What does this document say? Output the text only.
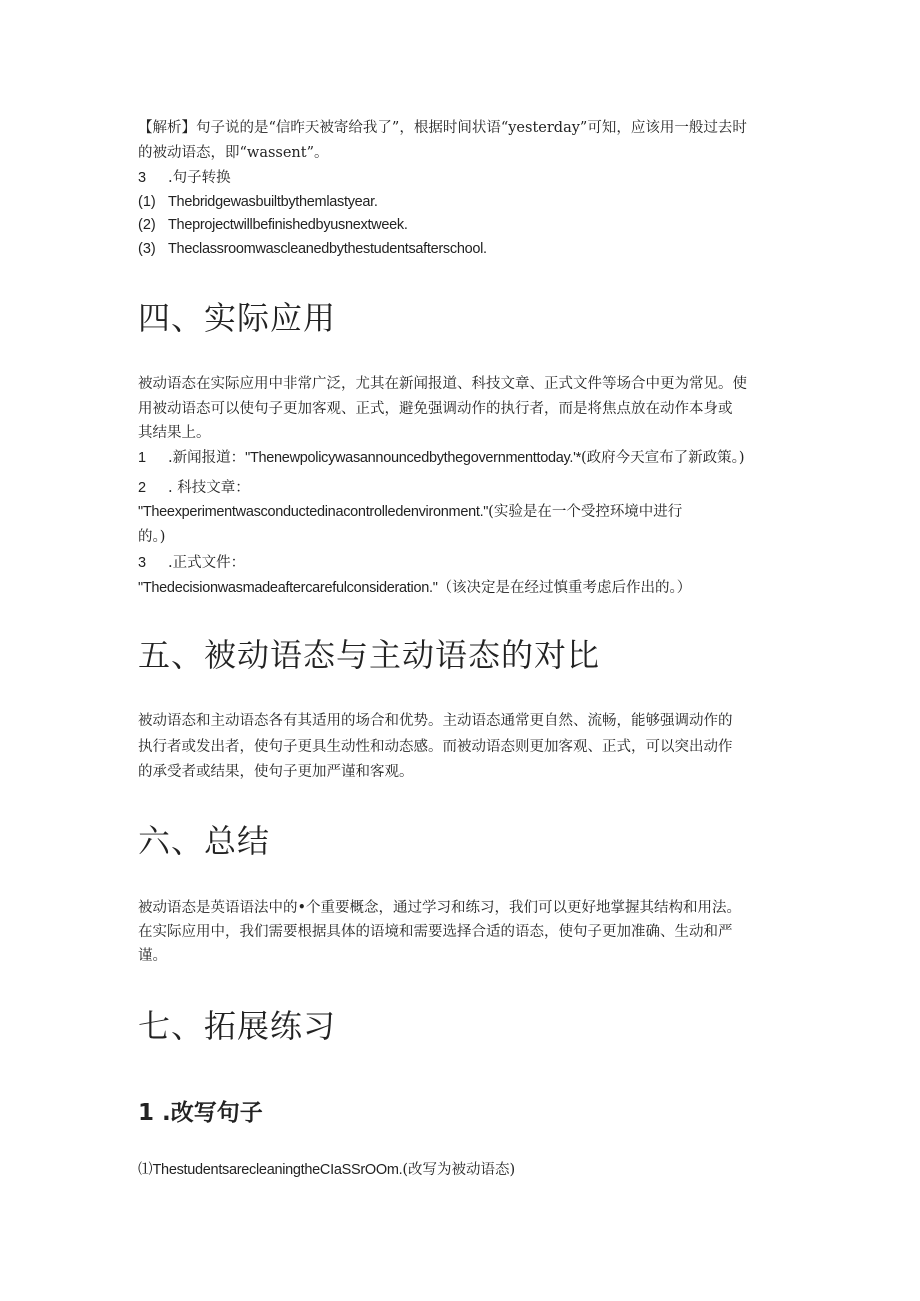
【解析】句子说的是“信昨天被寄给我了”，根据时间状语“yesterday”可知，应该用一般过去时
的被动语态，即“wassent”。
3 .句子转换
(1) Thebridgewasbuiltbythemlastyear.
(2) Theprojectwillbefinishedbyusnextweek.
(3) Theclassroomwascleanedbythestudentsafterschool.
四、实际应用
被动语态在实际应用中非常广泛，尤其在新闻报道、科技文章、正式文件等场合中更为常见。使
用被动语态可以使句子更加客观、正式，避免强调动作的执行者，而是将焦点放在动作本身或
其结果上。
1 .新闻报道："Thenewpolicywasannouncedbythegovernmenttoday.'*(政府今天宣布了新政策。)
2 . 科技文章：
"Theexperimentwasconductedinacontrolledenvironment."(实验是在一个受控环境中进行
的。)
3 .正式文件：
"Thedecisionwasmadeaftercarefulconsideration."（该决定是在经过慎重考虑后作出的。）
五、被动语态与主动语态的对比
被动语态和主动语态各有其适用的场合和优势。主动语态通常更自然、流畅，能够强调动作的
执行者或发出者，使句子更具生动性和动态感。而被动语态则更加客观、正式，可以突出动作
的承受者或结果，使句子更加严谨和客观。
六、总结
被动语态是英语语法中的•个重要概念，通过学习和练习，我们可以更好地掌握其结构和用法。
在实际应用中，我们需要根据具体的语境和需要选择合适的语态，使句子更加准确、生动和严
谨。
七、拓展练习
1 .改写句子
⑴ThestudentsarecleaningtheCIaSSrOOm.(改写为被动语态)
